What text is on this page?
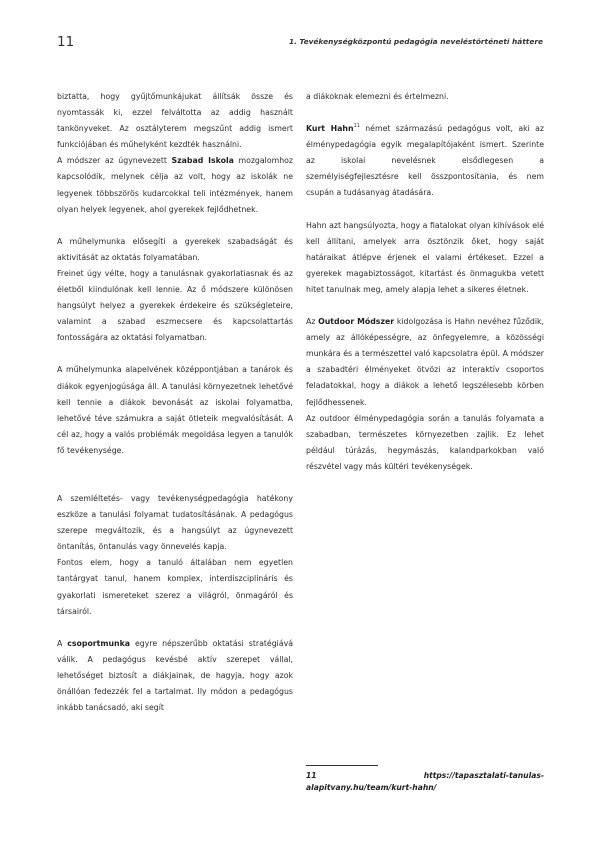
11	1. Tevékenységközpontú pedagógia neveléstörténeti háttere

biztatta, hogy gyűjtőmunkájukat állítsák össze és nyomtassák ki, ezzel felváltotta az addig használt tankönyveket. Az osztályterem megszűnt addig ismert funkciójában és műhelyként kezdték használni.

A módszer az úgynevezett Szabad Iskola mozgalomhoz kapcsolódik, melynek célja az volt, hogy az iskolák ne legyenek többszörös kudarcokkal teli intézmények, hanem olyan helyek legyenek, ahol gyerekek fejlődhetnek.

A műhelymunka elősegíti a gyerekek szabadságát és aktivitását az oktatás folyamatában.

Freinet úgy vélte, hogy a tanulásnak gyakorlatiasnak és az életből kiindulónak kell lennie. Az ő módszere különösen hangsúlyt helyez a gyerekek érdekeire és szükségleteire, valamint a szabad eszmecsere és kapcsolattartás fontosságára az oktatási folyamatban.

A műhelymunka alapelvének középpontjában a tanárok és diákok egyenjogúsága áll. A tanulási környezetnek lehetővé kell tennie a diákok bevonását az iskolai folyamatba, lehetővé téve számukra a saját ötleteik megvalósítását. A cél az, hogy a valós problémák megoldása legyen a tanulók fő tevékenysége.

A szemléltetés- vagy tevékenységpedagógia hatékony eszköze a tanulási folyamat tudatosításának. A pedagógus szerepe megváltozik, és a hangsúlyt az úgynevezett öntanítás, öntanulás vagy önnevelés kapja.

Fontos elem, hogy a tanuló általában nem egyetlen tantárgyat tanul, hanem komplex, interdiszciplináris és gyakorlati ismereteket szerez a világról, önmagáról és társairól.

A csoportmunka egyre népszerűbb oktatási stratégiává válik. A pedagógus kevésbé aktív szerepet vállal, lehetőséget biztosít a diákjainak, de hagyja, hogy azok önállóan fedezzék fel a tartalmat. Ily módon a pedagógus inkább tanácsadó, aki segít

a diákoknak elemezni és értelmezni.

Kurt Hahn$^{11}$ német származású pedagógus volt, aki az élménypedagógia egyik megalapítójaként ismert. Szerinte az iskolai nevelésnek elsődlegesen a személyiségfejlesztésre kell összpontosítania, és nem csupán a tudásanyag átadására.

Hahn azt hangsúlyozta, hogy a fiatalokat olyan kihívások elé kell állítani, amelyek arra ösztönzik őket, hogy saját határaikat átlépve érjenek el valami értékeset. Ezzel a gyerekek magabiztosságot, kitartást és önmagukba vetett hitet tanulnak meg, amely alapja lehet a sikeres életnek.

Az Outdoor Módszer kidolgozása is Hahn nevéhez fűződik, amely az állóképességre, az önfegyelemre, a közösségi munkára és a természettel való kapcsolatra épül. A módszer a szabadtéri élményeket ötvözi az interaktív csoportos feladatokkal, hogy a diákok a lehető legszélesebb körben fejlődhessenek.

Az outdoor élménypedagógia során a tanulás folyamata a szabadban, természetes környezetben zajlik. Ez lehet például túrázás, hegymászás, kalandparkokban való részvétel vagy más kültéri tevékenységek.

11 https://tapasztalati-tanulas-alapitvany.hu/team/kurt-hahn/
